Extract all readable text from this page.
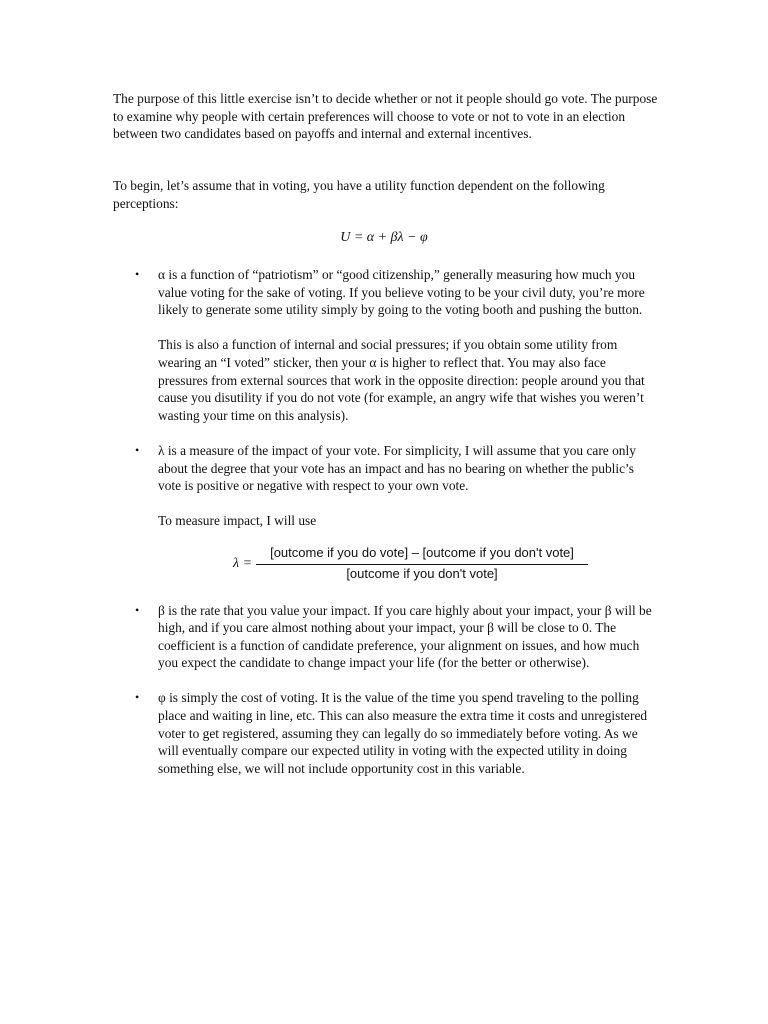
The purpose of this little exercise isn’t to decide whether or not it people should go vote. The purpose to examine why people with certain preferences will choose to vote or not to vote in an election between two candidates based on payoffs and internal and external incentives.

To begin, let’s assume that in voting, you have a utility function dependent on the following perceptions:

U = α + βλ − φ
• α is a function of “patriotism” or “good citizenship,” generally measuring how much you value voting for the sake of voting. If you believe voting to be your civil duty, you’re more likely to generate some utility simply by going to the voting booth and pushing the button.

This is also a function of internal and social pressures; if you obtain some utility from wearing an “I voted” sticker, then your α is higher to reflect that. You may also face pressures from external sources that work in the opposite direction: people around you that cause you disutility if you do not vote (for example, an angry wife that wishes you weren’t wasting your time on this analysis).

• λ is a measure of the impact of your vote. For simplicity, I will assume that you care only about the degree that your vote has an impact and has no bearing on whether the public’s vote is positive or negative with respect to your own vote.

To measure impact, I will use

λ =
[outcome if you do vote] – [outcome if you don't vote]
[outcome if you don't vote]
• β is the rate that you value your impact. If you care highly about your impact, your β will be high, and if you care almost nothing about your impact, your β will be close to 0. The coefficient is a function of candidate preference, your alignment on issues, and how much you expect the candidate to change impact your life (for the better or otherwise).

• φ is simply the cost of voting. It is the value of the time you spend traveling to the polling place and waiting in line, etc. This can also measure the extra time it costs and unregistered voter to get registered, assuming they can legally do so immediately before voting. As we will eventually compare our expected utility in voting with the expected utility in doing something else, we will not include opportunity cost in this variable.
